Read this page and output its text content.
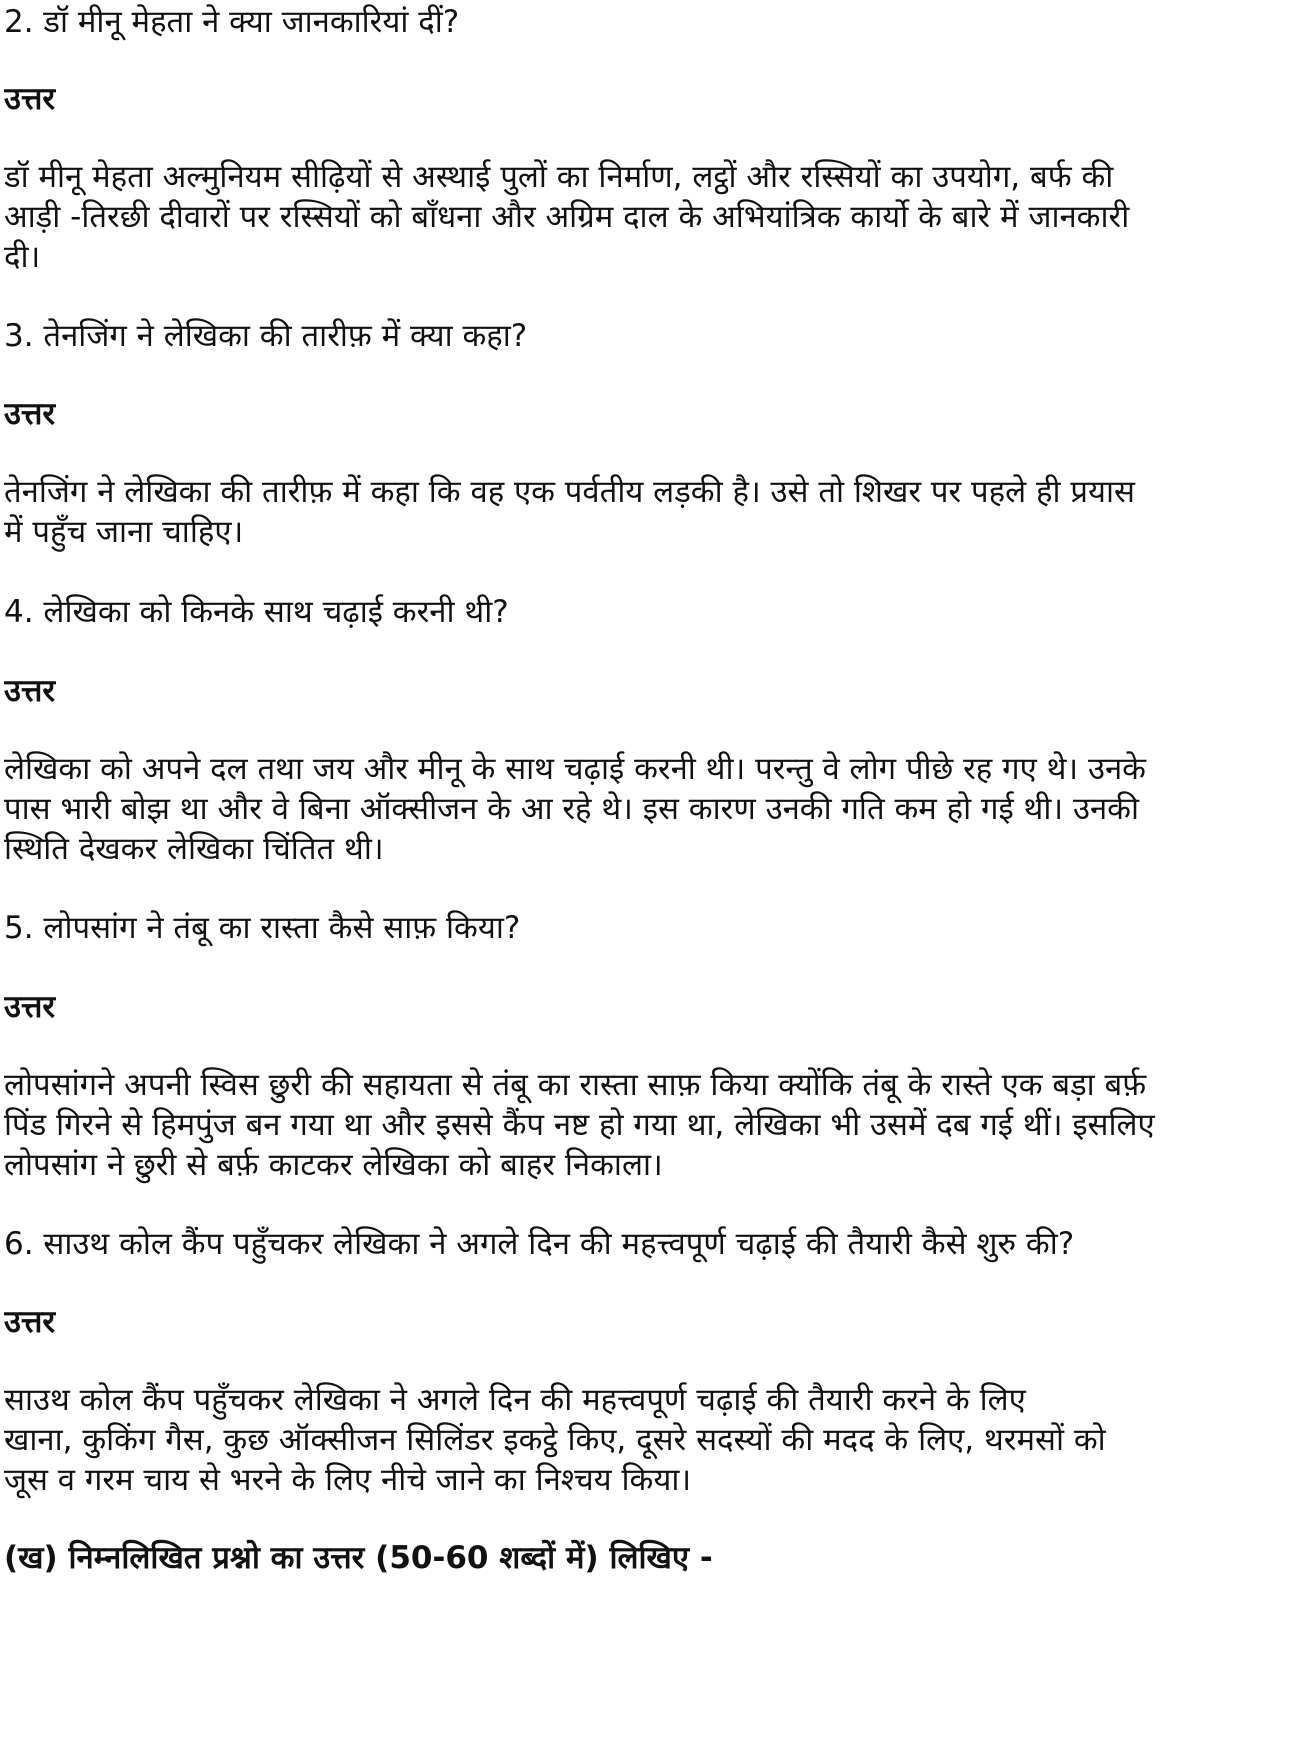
2. डॉ मीनू मेहता ने क्या जानकारियां दीं?
उत्तर
डॉ मीनू मेहता अल्मुनियम सीढ़ियों से अस्थाई पुलों का निर्माण, लट्ठों और रस्सियों का उपयोग, बर्फ की
आड़ी -तिरछी दीवारों पर रस्सियों को बाँधना और अग्रिम दाल के अभियांत्रिक कार्यो के बारे में जानकारी
दी।
3. तेनजिंग ने लेखिका की तारीफ़ में क्या कहा?
उत्तर
तेनजिंग ने लेखिका की तारीफ़ में कहा कि वह एक पर्वतीय लड़की है। उसे तो शिखर पर पहले ही प्रयास
में पहुँच जाना चाहिए।
4. लेखिका को किनके साथ चढ़ाई करनी थी?
उत्तर
लेखिका को अपने दल तथा जय और मीनू के साथ चढ़ाई करनी थी। परन्तु वे लोग पीछे रह गए थे। उनके
पास भारी बोझ था और वे बिना ऑक्सीजन के आ रहे थे। इस कारण उनकी गति कम हो गई थी। उनकी
स्थिति देखकर लेखिका चिंतित थी।
5. लोपसांग ने तंबू का रास्ता कैसे साफ़ किया?
उत्तर
लोपसांगने अपनी स्विस छुरी की सहायता से तंबू का रास्ता साफ़ किया क्योंकि तंबू के रास्ते एक बड़ा बर्फ़
पिंड गिरने से हिमपुंज बन गया था और इससे कैंप नष्ट हो गया था, लेखिका भी उसमें दब गई थीं। इसलिए
लोपसांग ने छुरी से बर्फ़ काटकर लेखिका को बाहर निकाला।
6. साउथ कोल कैंप पहुँचकर लेखिका ने अगले दिन की महत्त्वपूर्ण चढ़ाई की तैयारी कैसे शुरु की?
उत्तर
साउथ कोल कैंप पहुँचकर लेखिका ने अगले दिन की महत्त्वपूर्ण चढ़ाई की तैयारी करने के लिए
खाना, कुकिंग गैस, कुछ ऑक्सीजन सिलिंडर इकट्ठे किए, दूसरे सदस्यों की मदद के लिए, थरमसों को
जूस व गरम चाय से भरने के लिए नीचे जाने का निश्चय किया।
(ख) निम्नलिखित प्रश्नो का उत्तर (50-60 शब्दों में) लिखिए -
